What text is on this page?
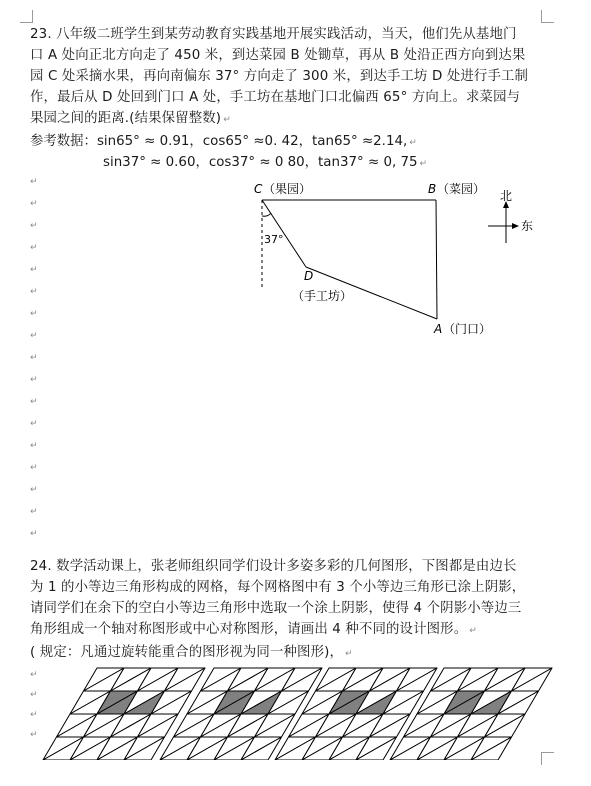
23. 八年级二班学生到某劳动教育实践基地开展实践活动，当天，他们先从基地门

口 A 处向正北方向走了 450 米，到达菜园 B 处锄草，再从 B 处沿正西方向到达果

园 C 处采摘水果，再向南偏东 37° 方向走了 300 米，到达手工坊 D 处进行手工制

作，最后从 D 处回到门口 A 处，手工坊在基地门口北偏西 65° 方向上。求菜园与

果园之间的距离.(结果保留整数) ↵

参考数据：sin65° ≈ 0.91，cos65° ≈0. 42，tan65° ≈2.14, ↵
sin37° ≈ 0.60，cos37° ≈ 0 80，tan37° ≈ 0, 75 ↵
↵
↵
↵
↵
↵
↵
↵
↵
↵
↵
↵
↵
↵
↵
↵
↵
↵
↵
↵
↵
↵
37°
C （果园）	B （菜园）
D
（手工坊）
A （门口）
北
东

24. 数学活动课上，张老师组织同学们设计多姿多彩的几何图形，下图都是由边长

为 1 的小等边三角形构成的网格，每个网格图中有 3 个小等边三角形已涂上阴影，

请同学们在余下的空白小等边三角形中选取一个涂上阴影，使得 4 个阴影小等边三

角形组成一个轴对称图形或中心对称图形，请画出 4 种不同的设计图形。 ↵

( 规定：凡通过旋转能重合的图形视为同一种图形)， ↵
